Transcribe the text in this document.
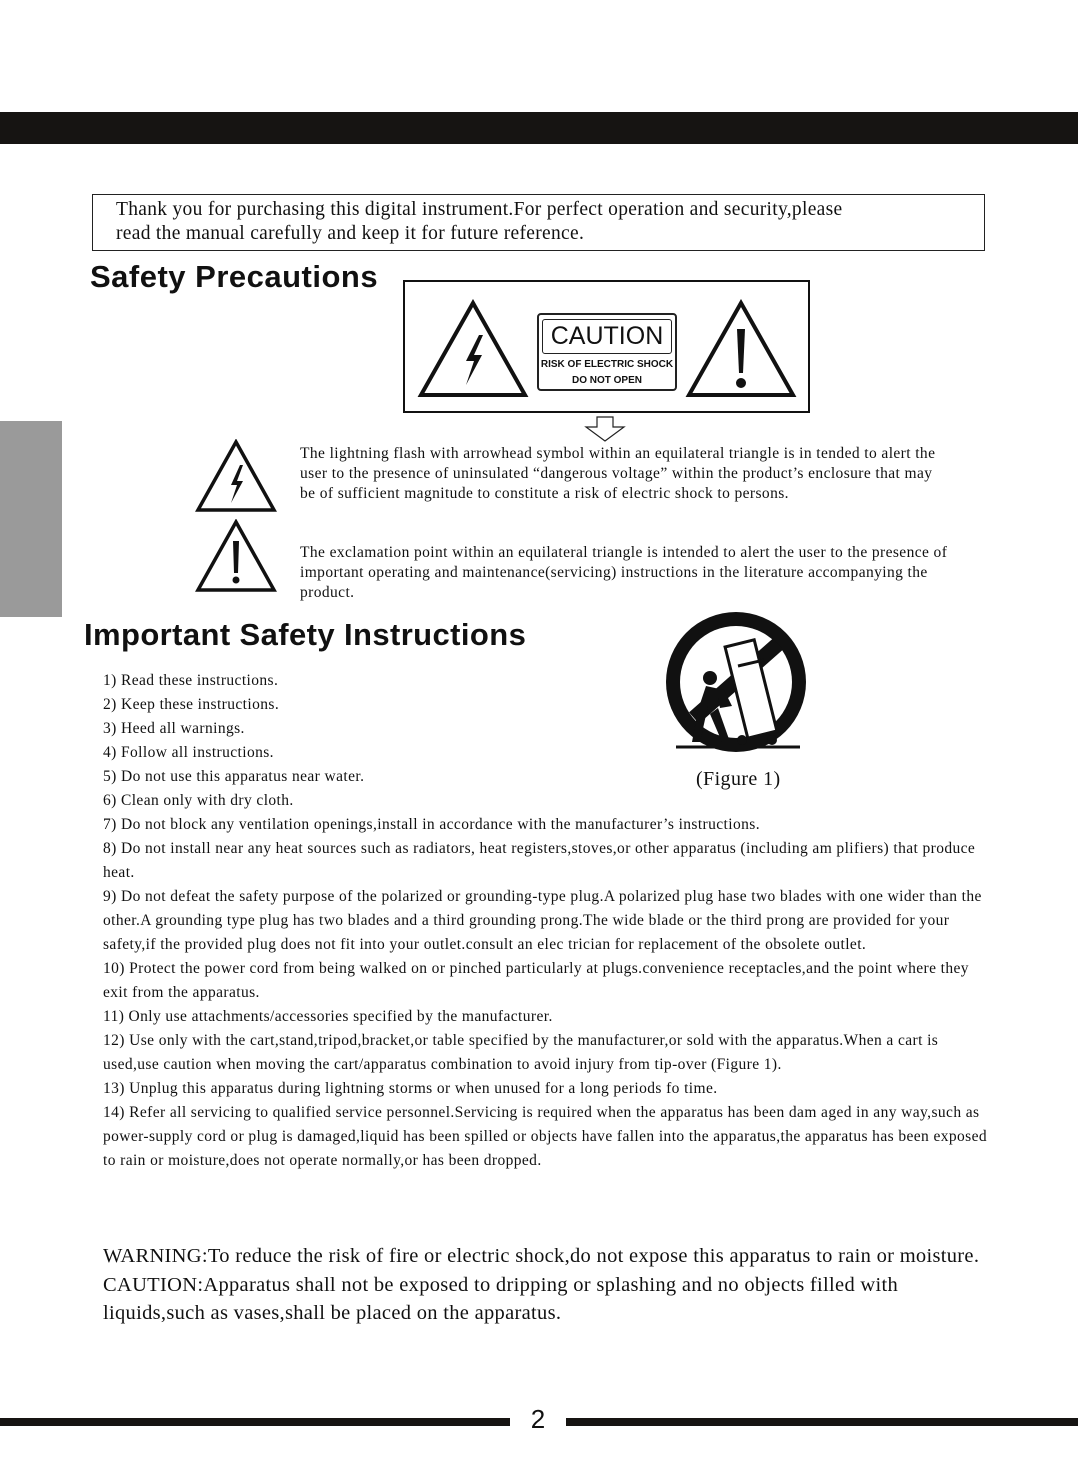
Thank you for purchasing this digital instrument.For perfect operation and security,please

read the manual carefully and keep it for future reference.

Safety Precautions
CAUTION
RISK OF ELECTRIC SHOCK
DO NOT OPEN

The lightning flash with arrowhead symbol within an equilateral triangle is in tended to alert the user to the presence of uninsulated “dangerous voltage” within the product’s enclosure that may be of sufficient magnitude to constitute a risk of electric shock to persons.

The exclamation point within an equilateral triangle is intended to alert the user to the presence of important operating and maintenance(servicing) instructions in the literature accompanying the product.

Important Safety Instructions

(Figure 1)

1) Read these instructions.
2) Keep these instructions.
3) Heed all warnings.
4) Follow all instructions.
5) Do not use this apparatus near water.
6) Clean only with dry cloth.
7) Do not block any ventilation openings,install in accordance with the manufacturer’s instructions.
8) Do not install near any heat sources such as radiators, heat registers,stoves,or other apparatus (including am plifiers) that produce heat.
9) Do not defeat the safety purpose of the polarized or grounding-type plug.A polarized plug hase two blades with one wider than the other.A grounding type plug has two blades and a third grounding prong.The wide blade or the third prong are provided for your safety,if the provided plug does not fit into your outlet.consult an elec trician for replacement of the obsolete outlet.
10) Protect the power cord from being walked on or pinched particularly at plugs.convenience receptacles,and the point where they exit from the apparatus.
11) Only use attachments/accessories specified by the manufacturer.
12) Use only with the cart,stand,tripod,bracket,or table specified by the manufacturer,or sold with the apparatus.When a cart is used,use caution when moving the cart/apparatus combination to avoid injury from tip-over (Figure 1).
13) Unplug this apparatus during lightning storms or when unused for a long periods fo time.
14) Refer all servicing to qualified service personnel.Servicing is required when the apparatus has been dam aged in any way,such as power-supply cord or plug is damaged,liquid has been spilled or objects have fallen into the apparatus,the apparatus has been exposed to rain or moisture,does not operate normally,or has been dropped.

WARNING:To reduce the risk of fire or electric shock,do not expose this apparatus to rain or moisture.

CAUTION:Apparatus shall not be exposed to dripping or splashing and no objects filled with liquids,such as vases,shall be placed on the apparatus.

2
